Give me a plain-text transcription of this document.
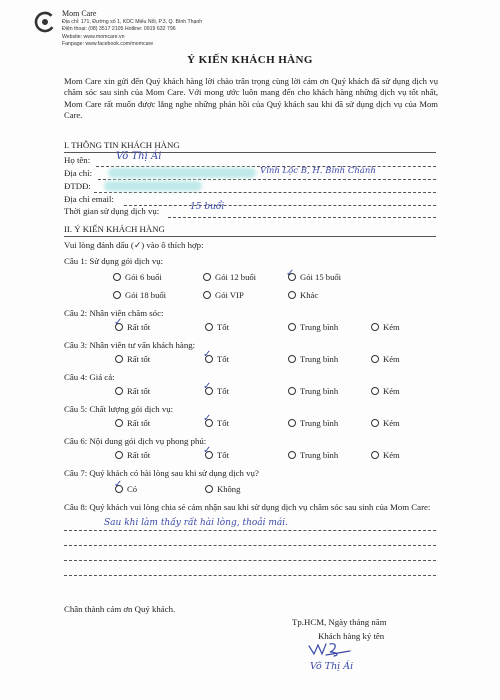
Mom Care
Địa chỉ: 171, Đường số 1, KDC Miếu Nổi, P.3, Q. Bình Thạnh
Điện thoại: (08) 3517 2105 Hotline: 0919 632 796
Website: www.momcare.vn
Fanpage: www.facebook.com/momcare
Ý KIẾN KHÁCH HÀNG
Mom Care xin gửi đến Quý khách hàng lời chào trân trọng cùng lời cảm ơn Quý khách đã sử dụng dịch vụ chăm sóc sau sinh của Mom Care. Với mong ước luôn mang đến cho khách hàng những dịch vụ tốt nhất, Mom Care rất muốn được lắng nghe những phản hồi của Quý khách sau khi đã sử dụng dịch vụ của Mom Care.
I. THÔNG TIN KHÁCH HÀNG
Họ tên:	Võ Thị Ái
Địa chỉ:	Vĩnh Lộc B, H. Bình Chánh
ĐTDĐ:
Địa chỉ email:
Thời gian sử dụng dịch vụ:	15 buổi
II. Ý KIẾN KHÁCH HÀNG
Vui lòng đánh dấu (✓) vào ô thích hợp:
Câu 1: Sử dụng gói dịch vụ:
Gói 6 buổi	Gói 12 buổi	Gói 15 buổi
✓
Gói 18 buổi	Gói VIP	Khác
Câu 2: Nhân viên chăm sóc:
Rất tốt	Tốt	Trung bình	Kém
✓
Câu 3: Nhân viên tư vấn khách hàng:
Rất tốt	Tốt	Trung bình	Kém
✓
Câu 4: Giá cả:
Rất tốt	Tốt	Trung bình	Kém
✓
Câu 5: Chất lượng gói dịch vụ:
Rất tốt	Tốt	Trung bình	Kém
✓
Câu 6: Nội dung gói dịch vụ phong phú:
Rất tốt	Tốt	Trung bình	Kém
✓
Câu 7: Quý khách có hài lòng sau khi sử dụng dịch vụ?
Có	Không
✓
Câu 8: Quý khách vui lòng chia sẻ cảm nhận sau khi sử dụng dịch vụ chăm sóc sau sinh của Mom Care:
Sau khi làm thấy rất hài lòng, thoải mái.
Chân thành cảm ơn Quý khách.
Tp.HCM, Ngày tháng năm
Khách hàng ký tên
Võ Thị Ái
